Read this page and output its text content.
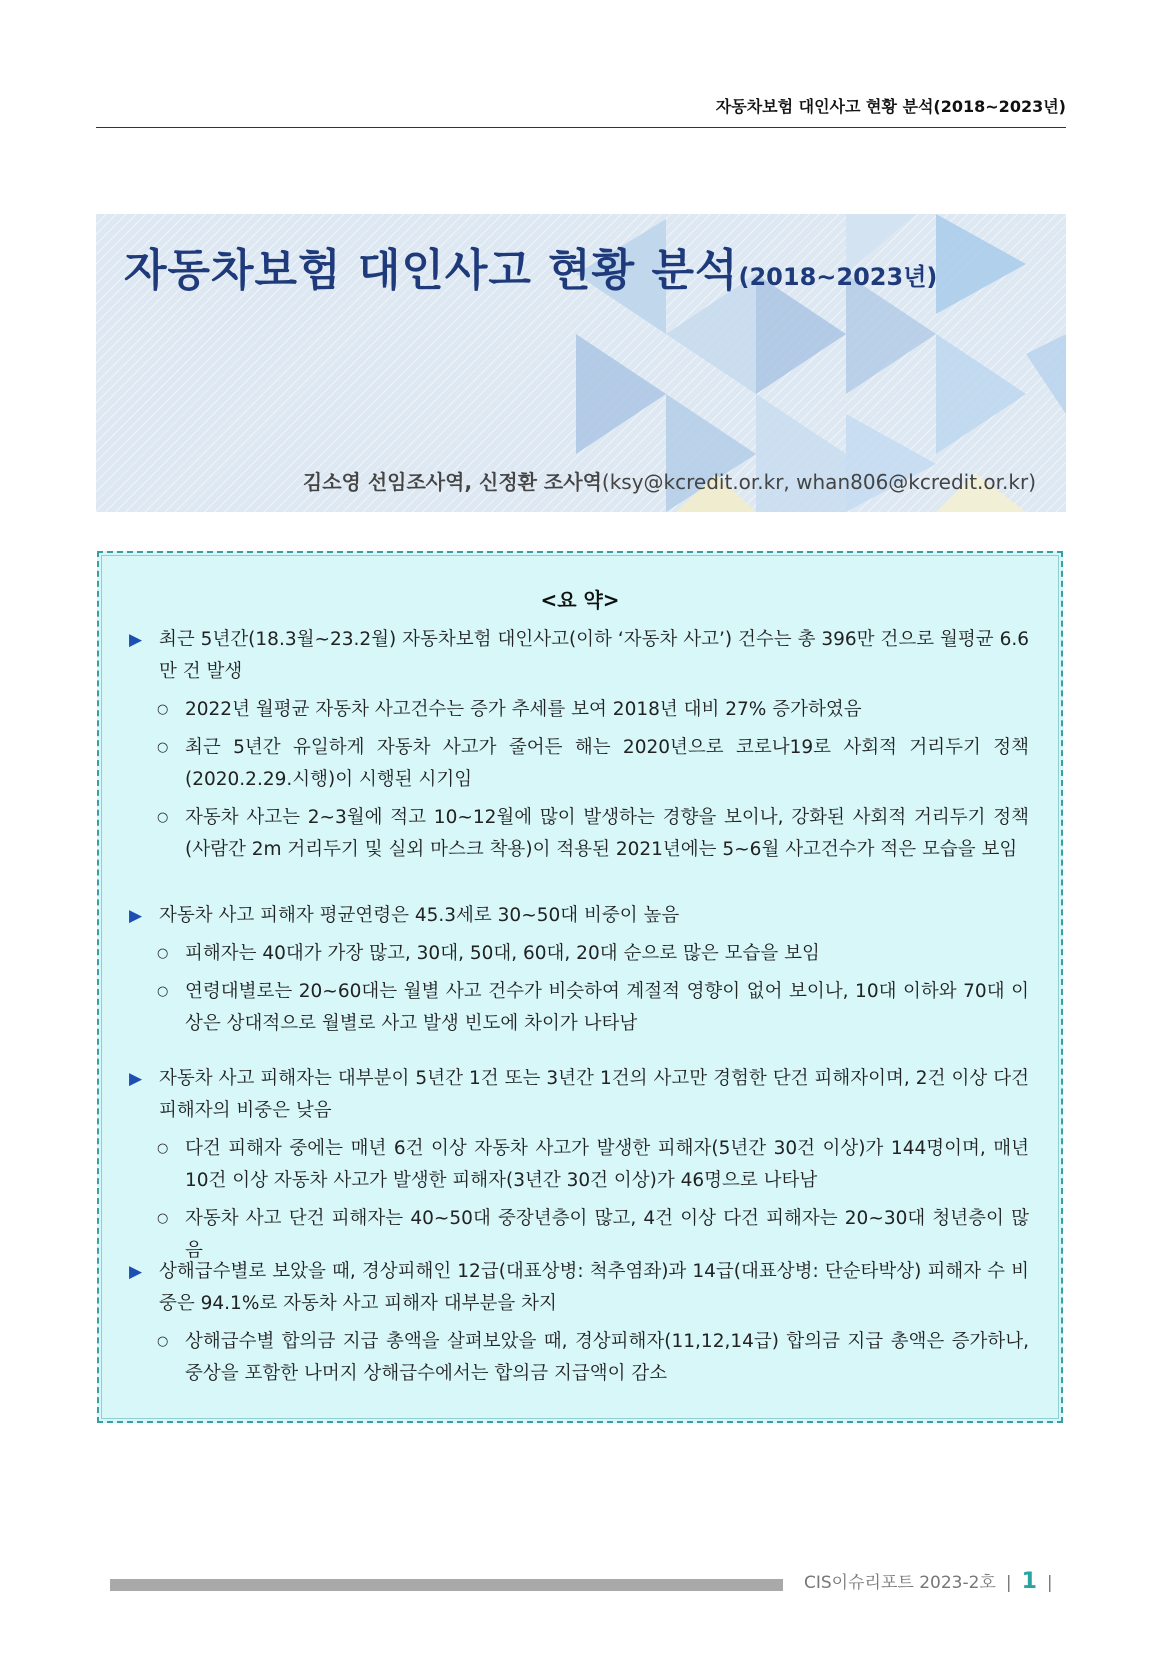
자동차보험 대인사고 현황 분석(2018~2023년)
자동차보험 대인사고 현황 분석(2018~2023년)
김소영 선임조사역, 신정환 조사역(ksy@kcredit.or.kr, whan806@kcredit.or.kr)
<요 약>
▶ 최근 5년간(18.3월~23.2월) 자동차보험 대인사고(이하 ‘자동차 사고’) 건수는 총 396만 건으로 월평균 6.6만 건 발생
○ 2022년 월평균 자동차 사고건수는 증가 추세를 보여 2018년 대비 27% 증가하였음
○ 최근 5년간 유일하게 자동차 사고가 줄어든 해는 2020년으로 코로나19로 사회적 거리두기 정책(2020.2.29.시행)이 시행된 시기임
○ 자동차 사고는 2~3월에 적고 10~12월에 많이 발생하는 경향을 보이나, 강화된 사회적 거리두기 정책(사람간 2m 거리두기 및 실외 마스크 착용)이 적용된 2021년에는 5~6월 사고건수가 적은 모습을 보임
▶ 자동차 사고 피해자 평균연령은 45.3세로 30~50대 비중이 높음
○ 피해자는 40대가 가장 많고, 30대, 50대, 60대, 20대 순으로 많은 모습을 보임
○ 연령대별로는 20~60대는 월별 사고 건수가 비슷하여 계절적 영향이 없어 보이나, 10대 이하와 70대 이상은 상대적으로 월별로 사고 발생 빈도에 차이가 나타남
▶ 자동차 사고 피해자는 대부분이 5년간 1건 또는 3년간 1건의 사고만 경험한 단건 피해자이며, 2건 이상 다건 피해자의 비중은 낮음
○ 다건 피해자 중에는 매년 6건 이상 자동차 사고가 발생한 피해자(5년간 30건 이상)가 144명이며, 매년 10건 이상 자동차 사고가 발생한 피해자(3년간 30건 이상)가 46명으로 나타남
○ 자동차 사고 단건 피해자는 40~50대 중장년층이 많고, 4건 이상 다건 피해자는 20~30대 청년층이 많음
▶ 상해급수별로 보았을 때, 경상피해인 12급(대표상병: 척추염좌)과 14급(대표상병: 단순타박상) 피해자 수 비중은 94.1%로 자동차 사고 피해자 대부분을 차지
○ 상해급수별 합의금 지급 총액을 살펴보았을 때, 경상피해자(11,12,14급) 합의금 지급 총액은 증가하나, 중상을 포함한 나머지 상해급수에서는 합의금 지급액이 감소
CIS이슈리포트 2023-2호 | 1 |
